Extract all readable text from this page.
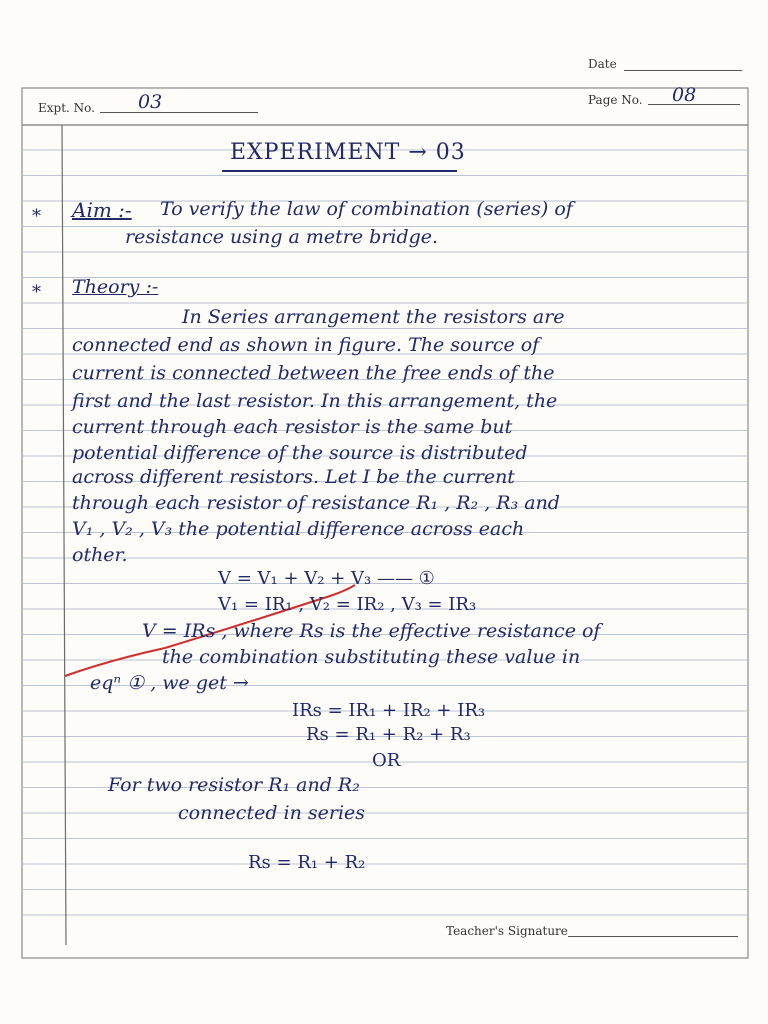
Date
Expt. No. 03	Page No. 08
EXPERIMENT → 03
* Aim :- To verify the law of combination (series) of
resistance using a metre bridge.
* Theory :-
In Series arrangement the resistors are
connected end as shown in figure. The source of
current is connected between the free ends of the
first and the last resistor. In this arrangement, the
current through each resistor is the same but
potential difference of the source is distributed
across different resistors. Let I be the current
through each resistor of resistance R₁ , R₂ , R₃ and
V₁ , V₂ , V₃ the potential difference across each
other.
V = V₁ + V₂ + V₃ —— ①
V₁ = IR₁ , V₂ = IR₂ , V₃ = IR₃
V = IRs , where Rs is the effective resistance of
the combination substituting these value in
eqⁿ ① , we get →
IRs = IR₁ + IR₂ + IR₃
Rs = R₁ + R₂ + R₃
OR
For two resistor R₁ and R₂
connected in series
Rs = R₁ + R₂
Teacher's Signature
